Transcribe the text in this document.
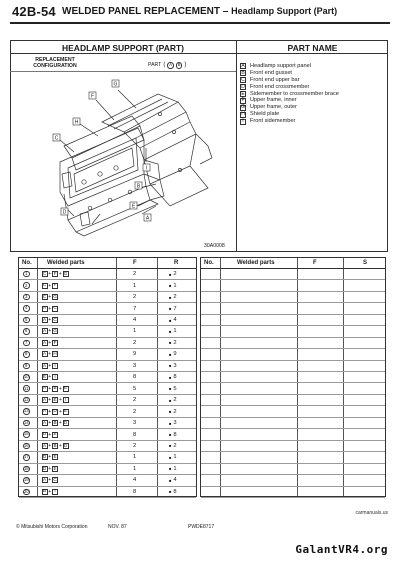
42B-54 WELDED PANEL REPLACEMENT – Headlamp Support (Part)
HEADLAMP SUPPORT (PART)	PART NAME
REPLACEMENT
CONFIGURATION	PART ( A	B )
G
F
H
C
I
B
E
D
A
30A0008
A Headlamp support panel
B Front end gusset
C Front end upper bar
D Front end crossmember
E Sidemember to crossmember brace
F Upper frame, inner
G Upper frame, outer
H Shield plate
I	Front sidemember
No.	Welded parts	F	R
1	C + F + G	2	■ 2
2	C + F	1	■ 1
3	C + G	2	■ 2
4	A + C	7	■ 7
5	A + C	4	■ 4
6	A + G	1	■ 1
7	A + F	2	■ 2
8	A + H	9	■ 9
9	A + I	3	■ 3
10	E + I	8	■ 8
11	A + B + E	5	■ 5
12	A + E + I	2	■ 2
13	A + D + E	2	■ 2
14	A + B + D	3	■ 3
15	D + E	8	■ 8
16	A + B + D	2	■ 2
17	D + E	1	■ 1
18	D + E	1	■ 1
19	A + C	4	■ 4
20	B + I	8	■ 8
No.	Welded parts	F	S
carmanuals.us
© Mitsubishi Motors Corporation	NOV. 87	PWDE8717
GalantVR4.org
